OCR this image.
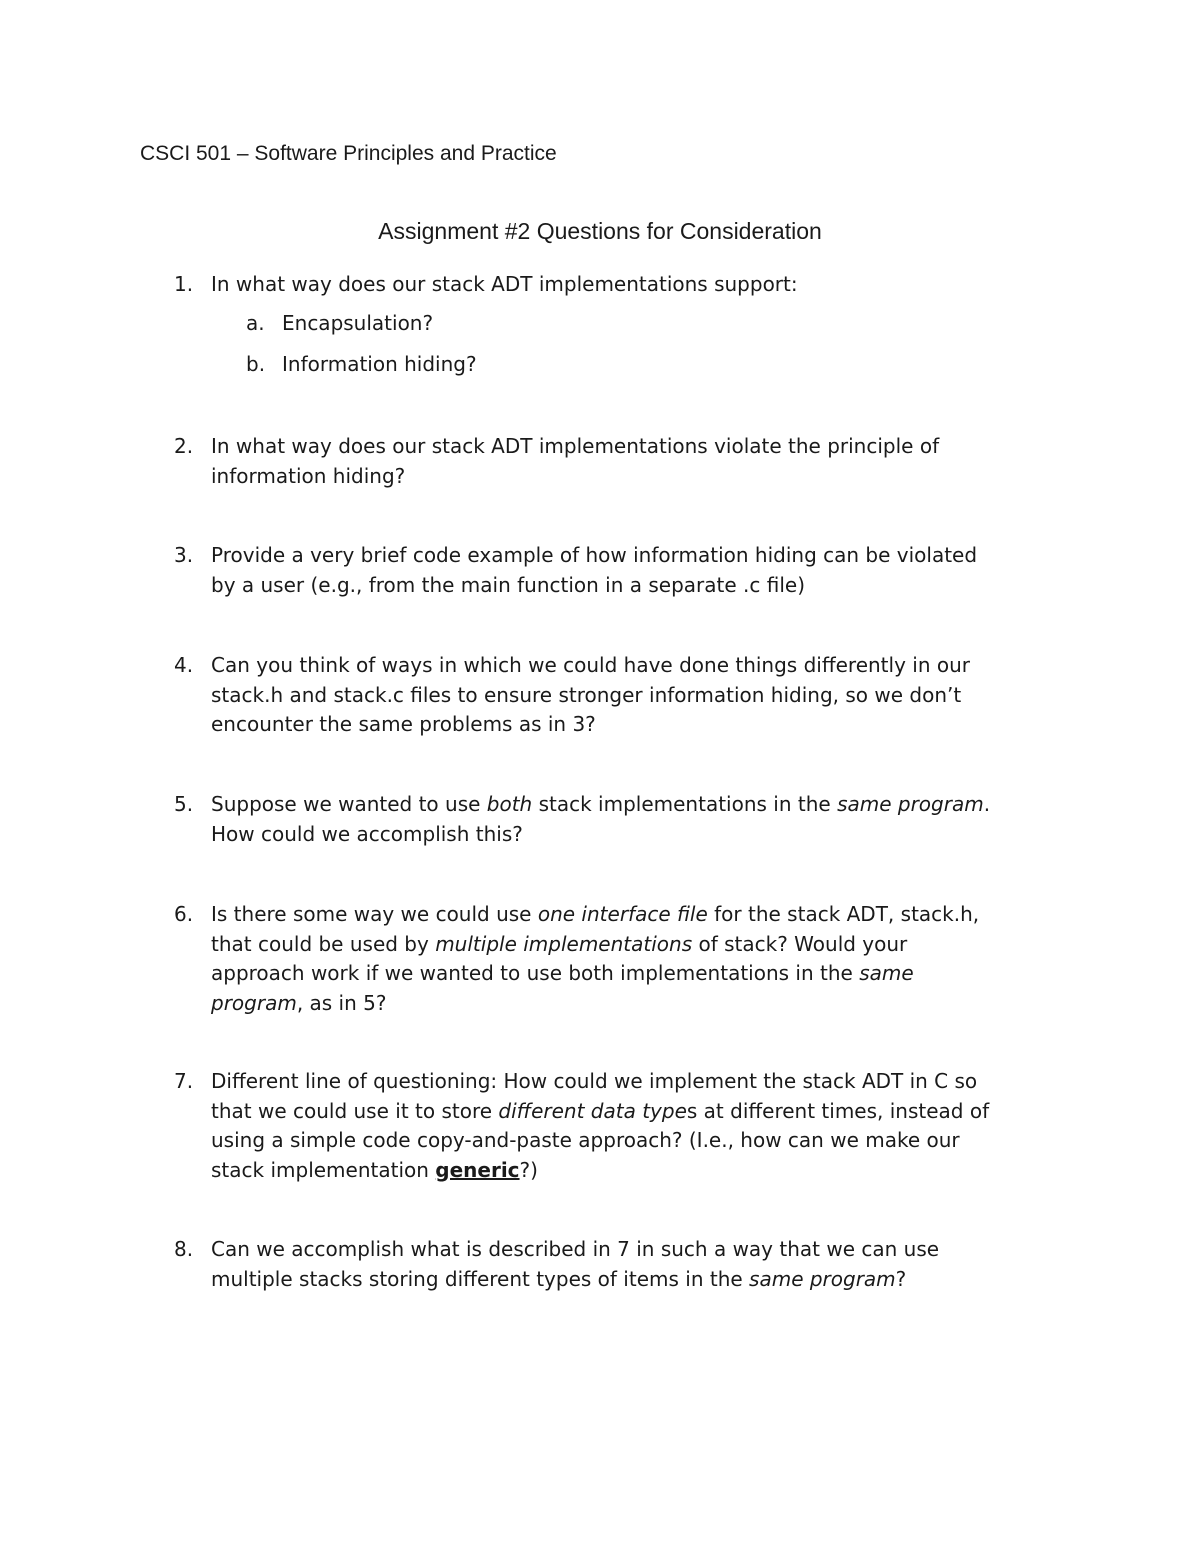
CSCI 501 – Software Principles and Practice
Assignment #2 Questions for Consideration
1. In what way does our stack ADT implementations support:
a. Encapsulation?
b. Information hiding?
2. In what way does our stack ADT implementations violate the principle of
information hiding?
3. Provide a very brief code example of how information hiding can be violated
by a user (e.g., from the main function in a separate .c file)
4. Can you think of ways in which we could have done things differently in our
stack.h and stack.c files to ensure stronger information hiding, so we don’t
encounter the same problems as in 3?
5. Suppose we wanted to use both stack implementations in the same program.
How could we accomplish this?
6. Is there some way we could use one interface file for the stack ADT, stack.h,
that could be used by multiple implementations of stack? Would your
approach work if we wanted to use both implementations in the same
program, as in 5?
7. Different line of questioning: How could we implement the stack ADT in C so
that we could use it to store different data types at different times, instead of
using a simple code copy-and-paste approach? (I.e., how can we make our
stack implementation generic?)
8. Can we accomplish what is described in 7 in such a way that we can use
multiple stacks storing different types of items in the same program?
